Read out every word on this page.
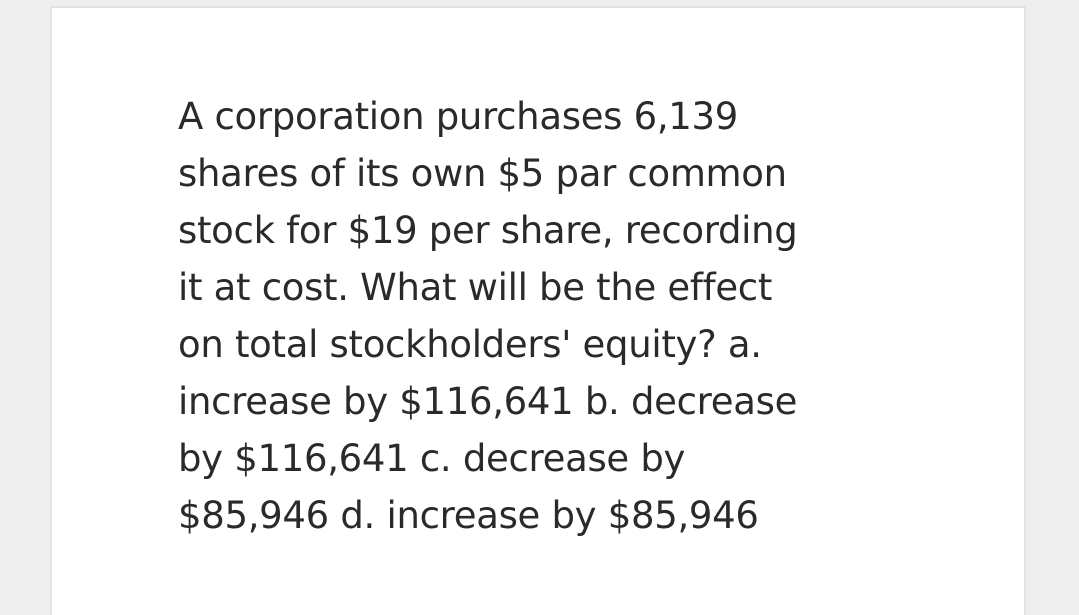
A corporation purchases 6,139
shares of its own $5 par common
stock for $19 per share, recording
it at cost. What will be the effect
on total stockholders' equity? a.
increase by $116,641 b. decrease
by $116,641 c. decrease by
$85,946 d. increase by $85,946
